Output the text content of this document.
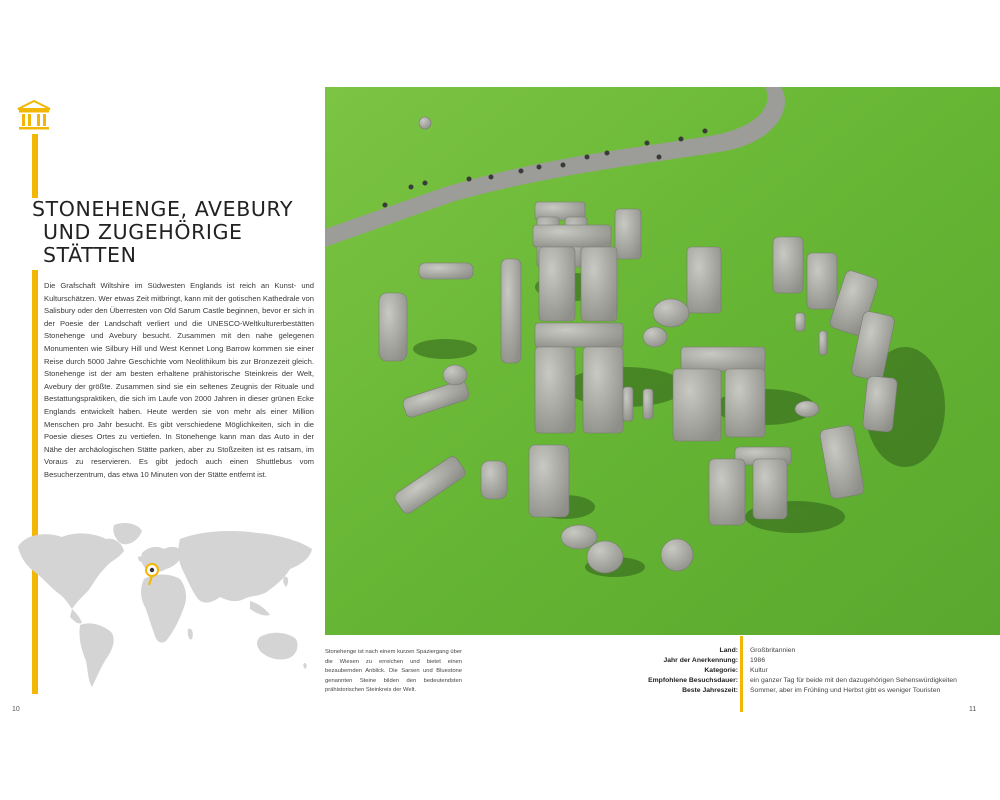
STONEHENGE, AVEBURY
UND ZUGEHÖRIGE
STÄTTEN
Die Grafschaft Wiltshire im Südwesten Englands ist reich an Kunst- und Kulturschätzen. Wer etwas Zeit mitbringt, kann mit der gotischen Kathedrale von Salisbury oder den Überresten von Old Sarum Castle beginnen, bevor er sich in der Poesie der Landschaft verliert und die UNESCO-Weltkulturerbestätten Stonehenge und Avebury besucht. Zusammen mit den nahe gelegenen Monumenten wie Silbury Hill und West Kennet Long Barrow kommen sie einer Reise durch 5000 Jahre Geschichte vom Neolithikum bis zur Bronzezeit gleich. Stonehenge ist der am besten erhaltene prähistorische Steinkreis der Welt, Avebury der größte. Zusammen sind sie ein seltenes Zeugnis der Rituale und Bestattungspraktiken, die sich im Laufe von 2000 Jahren in dieser grünen Ecke Englands entwickelt haben. Heute werden sie von mehr als einer Million Menschen pro Jahr besucht. Es gibt verschiedene Möglichkeiten, sich in die Poesie dieses Ortes zu vertiefen. In Stonehenge kann man das Auto in der Nähe der archäologischen Stätte parken, aber zu Stoßzeiten ist es ratsam, im Voraus zu reservieren. Es gibt jedoch auch einen Shuttlebus vom Besucherzentrum, das etwa 10 Minuten von der Stätte entfernt ist.
10	11
Stonehenge ist nach einem kurzen Spaziergang über die Wiesen zu erreichen und bietet einen bezaubernden Anblick. Die Sarsen und Bluestone genannten Steine bilden den bedeutendsten prähistorischen Steinkreis der Welt.
Land: Großbritannien
Jahr der Anerkennung: 1986
Kategorie: Kultur
Empfohlene Besuchsdauer: ein ganzer Tag für beide mit den dazugehörigen Sehenswürdigkeiten
Beste Jahreszeit: Sommer, aber im Frühling und Herbst gibt es weniger Touristen
